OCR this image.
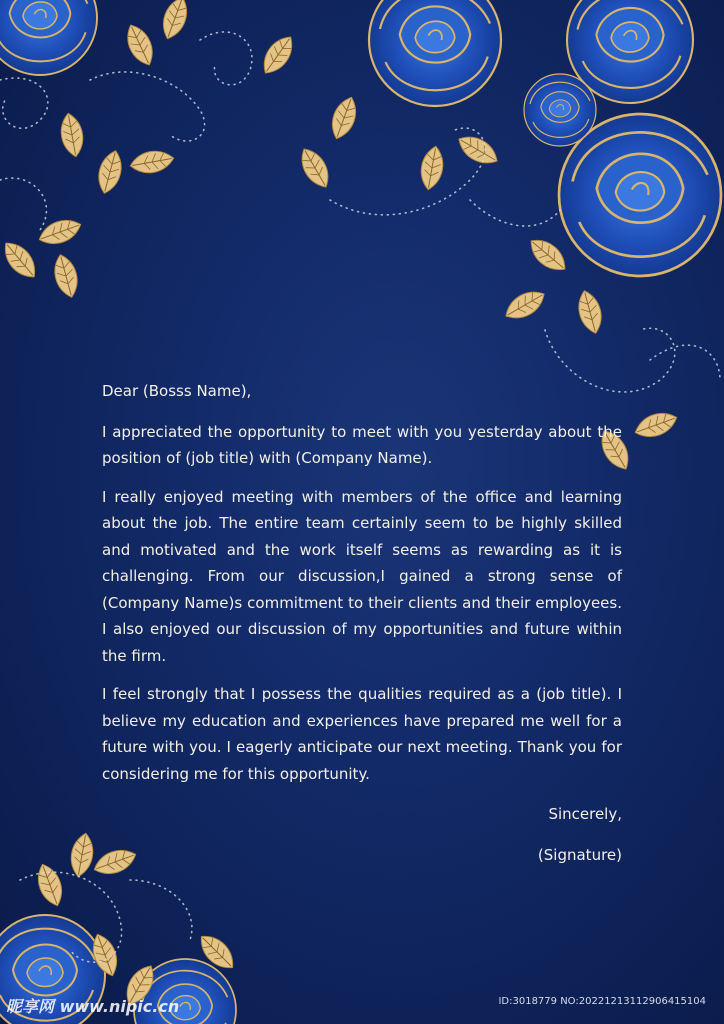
Dear (Bosss Name),

I appreciated the opportunity to meet with you yesterday about the position of (job title) with (Company Name).

I really enjoyed meeting with members of the office and learning about the job. The entire team certainly seem to be highly skilled and motivated and the work itself seems as rewarding as it is challenging. From our discussion,I gained a strong sense of (Company Name)s commitment to their clients and their employees. I also enjoyed our discussion of my opportunities and future within the firm.

I feel strongly that I possess the qualities required as a (job title). I believe my education and experiences have prepared me well for a future with you. I eagerly anticipate our next meeting. Thank you for considering me for this opportunity.

Sincerely,

(Signature)

昵享网 www.nipic.cn	ID:3018779 NO:20221213112906415104
